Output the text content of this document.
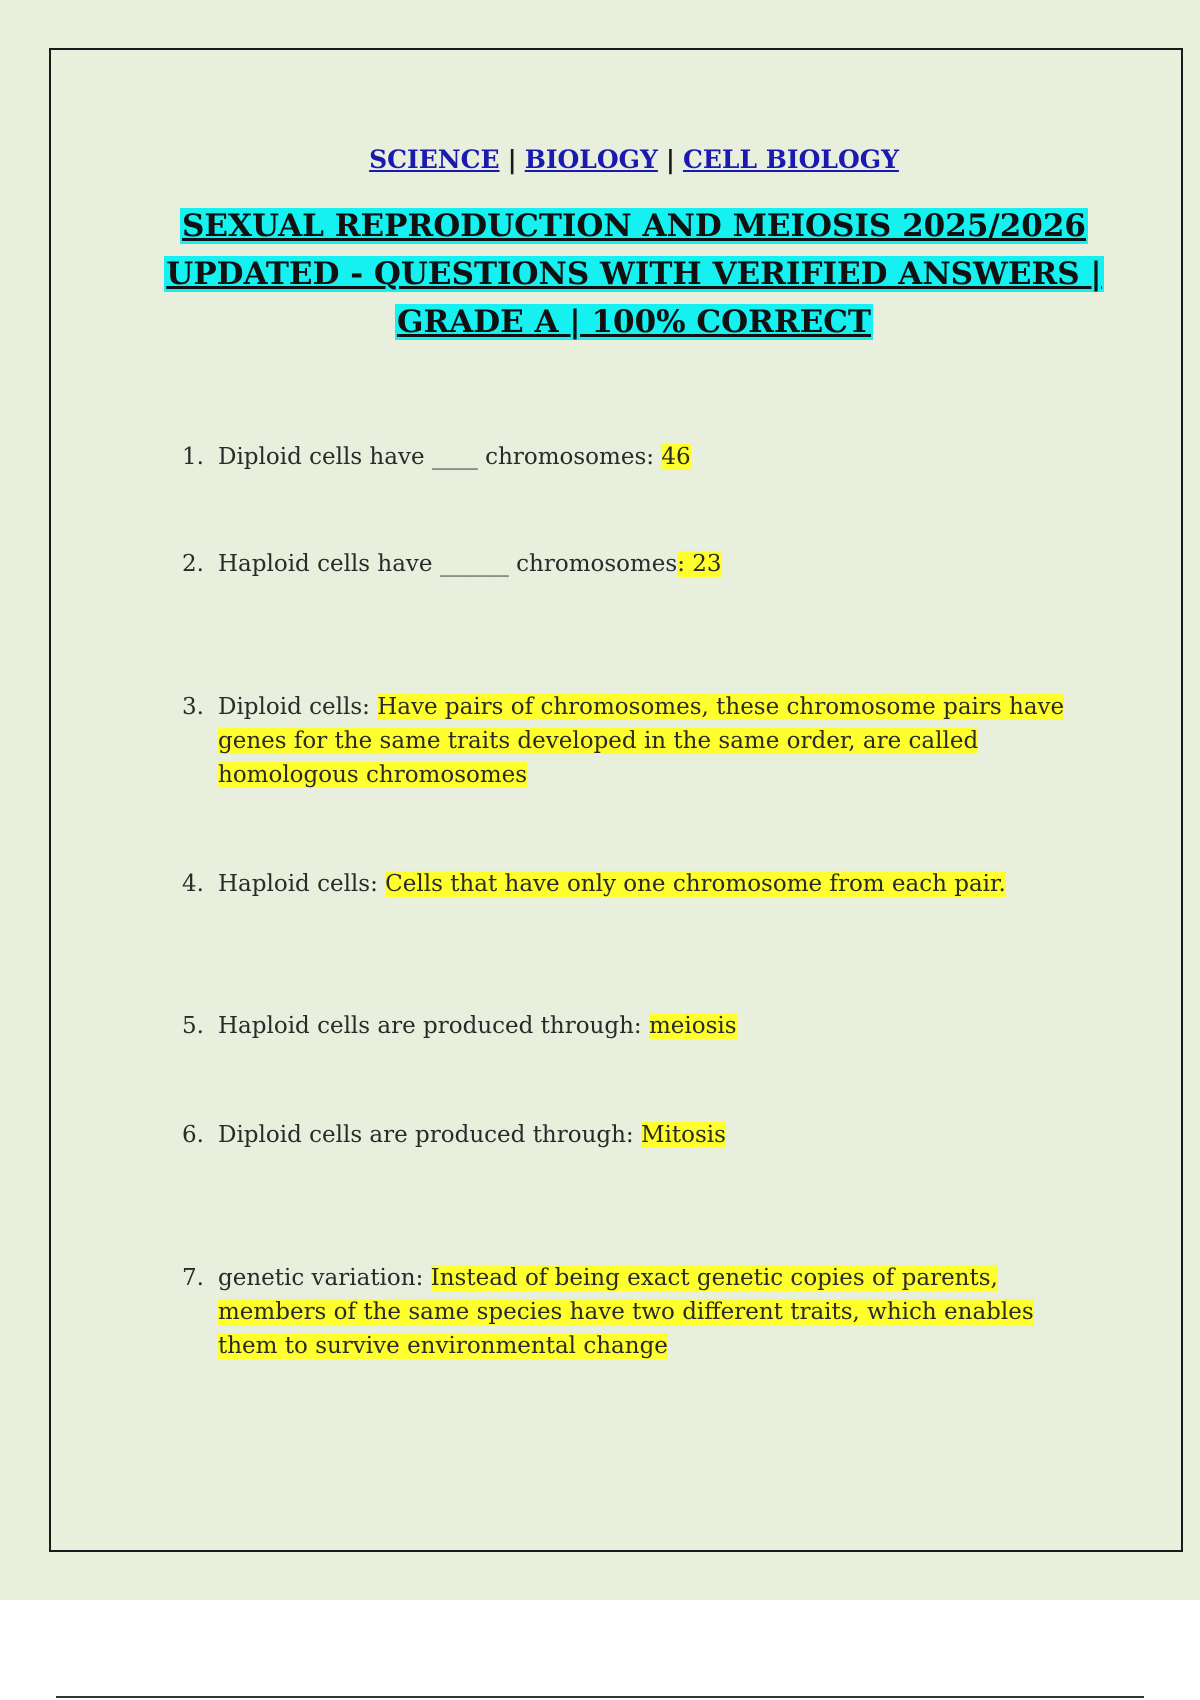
SCIENCE | BIOLOGY | CELL BIOLOGY
SEXUAL REPRODUCTION AND MEIOSIS 2025/2026
UPDATED - QUESTIONS WITH VERIFIED ANSWERS |
GRADE A | 100% CORRECT
1. Diploid cells have ____ chromosomes: 46
2. Haploid cells have ______ chromosomes: 23
3. Diploid cells: Have pairs of chromosomes, these chromosome pairs have genes for the same traits developed in the same order, are called homologous chromosomes
4. Haploid cells: Cells that have only one chromosome from each pair.
5. Haploid cells are produced through: meiosis
6. Diploid cells are produced through: Mitosis
7. genetic variation: Instead of being exact genetic copies of parents, members of the same species have two different traits, which enables them to survive environmental change
